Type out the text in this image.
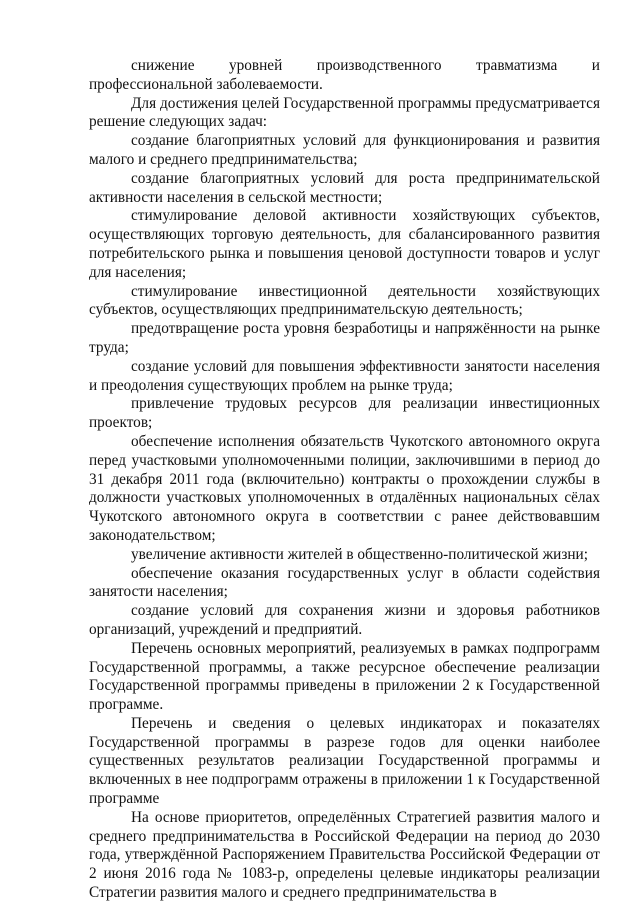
снижение уровней производственного травматизма и профессиональной заболеваемости.

Для достижения целей Государственной программы предусматривается решение следующих задач:

создание благоприятных условий для функционирования и развития малого и среднего предпринимательства;

создание благоприятных условий для роста предпринимательской активности населения в сельской местности;

стимулирование деловой активности хозяйствующих субъектов, осуществляющих торговую деятельность, для сбалансированного развития потребительского рынка и повышения ценовой доступности товаров и услуг для населения;

стимулирование инвестиционной деятельности хозяйствующих субъектов, осуществляющих предпринимательскую деятельность;

предотвращение роста уровня безработицы и напряжённости на рынке труда;

создание условий для повышения эффективности занятости населения и преодоления существующих проблем на рынке труда;

привлечение трудовых ресурсов для реализации инвестиционных проектов;

обеспечение исполнения обязательств Чукотского автономного округа перед участковыми уполномоченными полиции, заключившими в период до 31 декабря 2011 года (включительно) контракты о прохождении службы в должности участковых уполномоченных в отдалённых национальных сёлах Чукотского автономного округа в соответствии с ранее действовавшим законодательством;

увеличение активности жителей в общественно-политической жизни;

обеспечение оказания государственных услуг в области содействия занятости населения;

создание условий для сохранения жизни и здоровья работников организаций, учреждений и предприятий.

Перечень основных мероприятий, реализуемых в рамках подпрограмм Государственной программы, а также ресурсное обеспечение реализации Государственной программы приведены в приложении 2 к Государственной программе.

Перечень и сведения о целевых индикаторах и показателях Государственной программы в разрезе годов для оценки наиболее существенных результатов реализации Государственной программы и включенных в нее подпрограмм отражены в приложении 1 к Государственной программе

На основе приоритетов, определённых Стратегией развития малого и среднего предпринимательства в Российской Федерации на период до 2030 года, утверждённой Распоряжением Правительства Российской Федерации от 2 июня 2016 года № 1083-р, определены целевые индикаторы реализации Стратегии развития малого и среднего предпринимательства в
